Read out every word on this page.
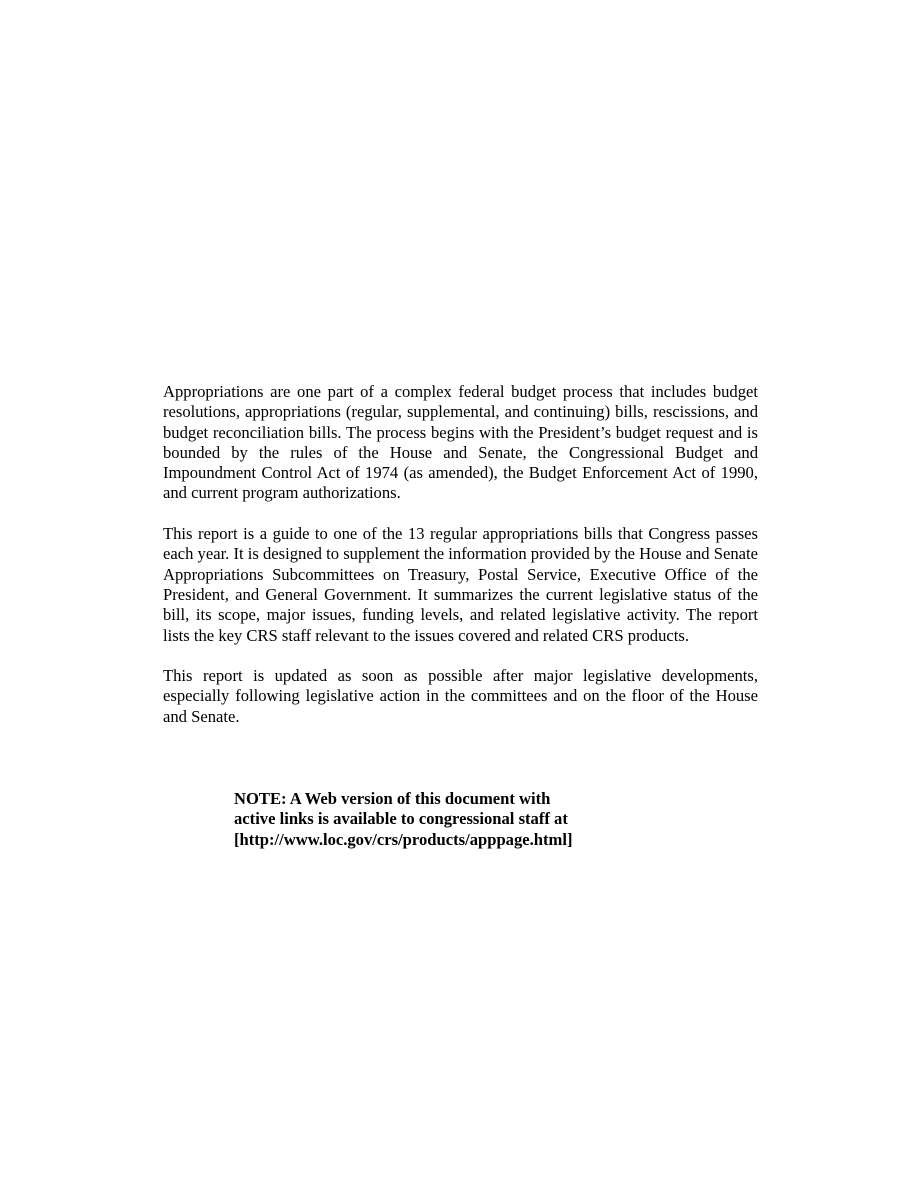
Appropriations are one part of a complex federal budget process that includes budget resolutions, appropriations (regular, supplemental, and continuing) bills, rescissions, and budget reconciliation bills. The process begins with the President’s budget request and is bounded by the rules of the House and Senate, the Congressional Budget and Impoundment Control Act of 1974 (as amended), the Budget Enforcement Act of 1990, and current program authorizations.

This report is a guide to one of the 13 regular appropriations bills that Congress passes each year. It is designed to supplement the information provided by the House and Senate Appropriations Subcommittees on Treasury, Postal Service, Executive Office of the President, and General Government. It summarizes the current legislative status of the bill, its scope, major issues, funding levels, and related legislative activity. The report lists the key CRS staff relevant to the issues covered and related CRS products.

This report is updated as soon as possible after major legislative developments, especially following legislative action in the committees and on the floor of the House and Senate.

NOTE: A Web version of this document with
active links is available to congressional staff at
[http://www.loc.gov/crs/products/apppage.html]
